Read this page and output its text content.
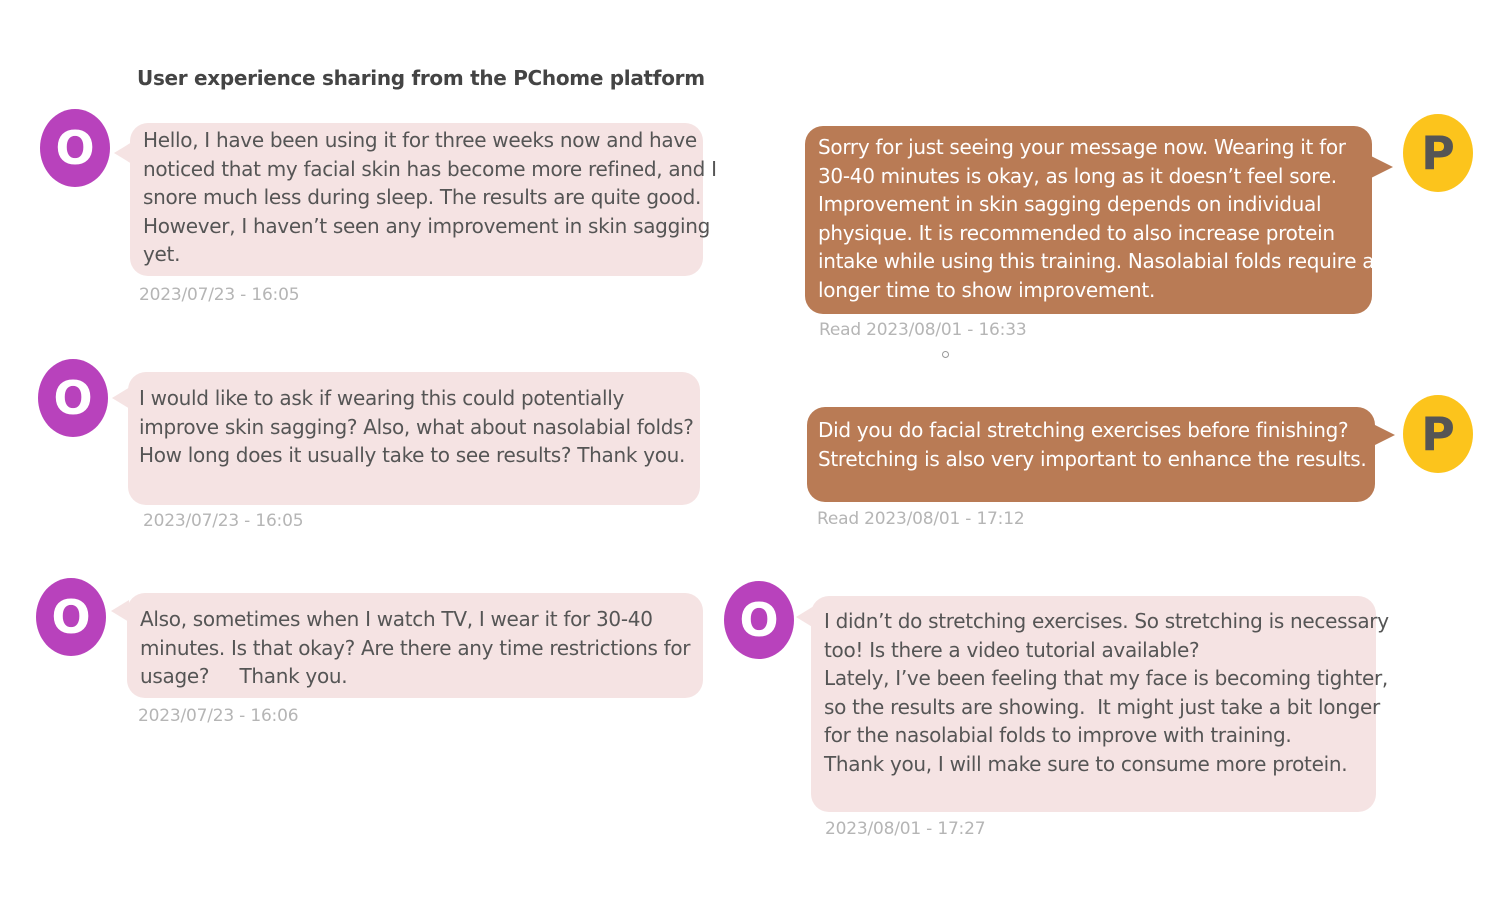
User experience sharing from the PChome platform
O	Hello, I have been using it for three weeks now and have
noticed that my facial skin has become more refined, and I
snore much less during sleep. The results are quite good.
However, I haven’t seen any improvement in skin sagging
yet.
2023/07/23 - 16:05
O	I would like to ask if wearing this could potentially
improve skin sagging? Also, what about nasolabial folds?
How long does it usually take to see results? Thank you.
2023/07/23 - 16:05
O	Also, sometimes when I watch TV, I wear it for 30-40
minutes. Is that okay? Are there any time restrictions for
usage?     Thank you.
2023/07/23 - 16:06
P
Sorry for just seeing your message now. Wearing it for
30-40 minutes is okay, as long as it doesn’t feel sore.
Improvement in skin sagging depends on individual
physique. It is recommended to also increase protein
intake while using this training. Nasolabial folds require a
longer time to show improvement.
Read 2023/08/01 - 16:33
P
Did you do facial stretching exercises before finishing?
Stretching is also very important to enhance the results.
Read 2023/08/01 - 17:12
O	I didn’t do stretching exercises. So stretching is necessary
too! Is there a video tutorial available?
Lately, I’ve been feeling that my face is becoming tighter,
so the results are showing.  It might just take a bit longer
for the nasolabial folds to improve with training.
Thank you, I will make sure to consume more protein.
2023/08/01 - 17:27
